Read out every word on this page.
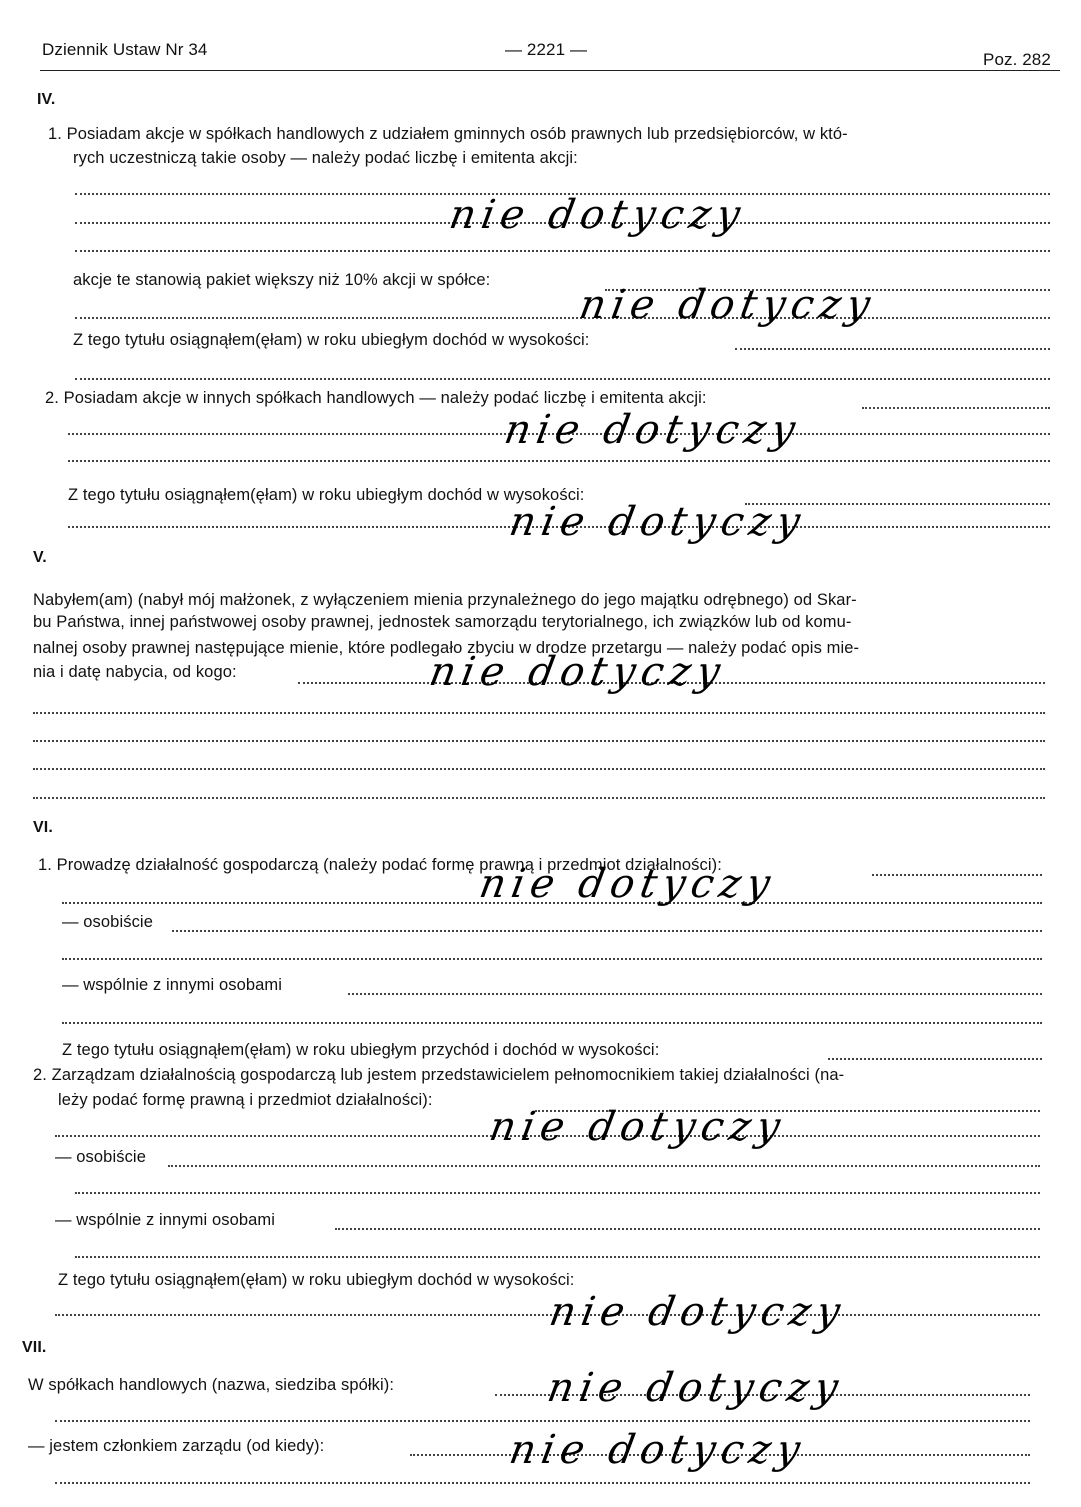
Dziennik Ustaw Nr 34	— 2221 —
Poz. 282
IV.
1. Posiadam akcje w spółkach handlowych z udziałem gminnych osób prawnych lub przedsiębiorców, w któ-
rych uczestniczą takie osoby — należy podać liczbę i emitenta akcji:
nie dotyczy
akcje te stanowią pakiet większy niż 10% akcji w spółce:
nie dotyczy
Z tego tytułu osiągnąłem(ęłam) w roku ubiegłym dochód w wysokości:
2. Posiadam akcje w innych spółkach handlowych — należy podać liczbę i emitenta akcji:
nie dotyczy
Z tego tytułu osiągnąłem(ęłam) w roku ubiegłym dochód w wysokości:
nie dotyczy
V.
Nabyłem(am) (nabył mój małżonek, z wyłączeniem mienia przynależnego do jego majątku odrębnego) od Skar-
bu Państwa, innej państwowej osoby prawnej, jednostek samorządu terytorialnego, ich związków lub od komu-
nalnej osoby prawnej następujące mienie, które podlegało zbyciu w drodze przetargu — należy podać opis mie-
nia i datę nabycia, od kogo:	nie dotyczy
VI.
1. Prowadzę działalność gospodarczą (należy podać formę prawną i przedmiot działalności):
nie dotyczy
— osobiście
— wspólnie z innymi osobami
Z tego tytułu osiągnąłem(ęłam) w roku ubiegłym przychód i dochód w wysokości:
2. Zarządzam działalnością gospodarczą lub jestem przedstawicielem pełnomocnikiem takiej działalności (na-
leży podać formę prawną i przedmiot działalności):
nie dotyczy
— osobiście
— wspólnie z innymi osobami
Z tego tytułu osiągnąłem(ęłam) w roku ubiegłym dochód w wysokości:
nie dotyczy
VII.
W spółkach handlowych (nazwa, siedziba spółki):	nie dotyczy
— jestem członkiem zarządu (od kiedy):	nie dotyczy
